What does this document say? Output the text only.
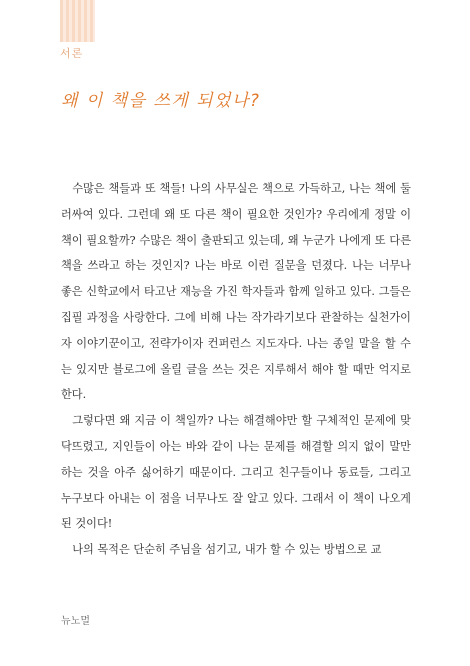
서론
왜 이 책을 쓰게 되었나?

수많은 책들과 또 책들! 나의 사무실은 책으로 가득하고, 나는 책에 둘러싸여 있다. 그런데 왜 또 다른 책이 필요한 것인가? 우리에게 정말 이 책이 필요할까? 수많은 책이 출판되고 있는데, 왜 누군가 나에게 또 다른 책을 쓰라고 하는 것인지? 나는 바로 이런 질문을 던졌다. 나는 너무나 좋은 신학교에서 타고난 재능을 가진 학자들과 함께 일하고 있다. 그들은 집필 과정을 사랑한다. 그에 비해 나는 작가라기보다 관찰하는 실천가이자 이야기꾼이고, 전략가이자 컨퍼런스 지도자다. 나는 종일 말을 할 수는 있지만 블로그에 올릴 글을 쓰는 것은 지루해서 해야 할 때만 억지로 한다.

그렇다면 왜 지금 이 책일까? 나는 해결해야만 할 구체적인 문제에 맞닥뜨렸고, 지인들이 아는 바와 같이 나는 문제를 해결할 의지 없이 말만 하는 것을 아주 싫어하기 때문이다. 그리고 친구들이나 동료들, 그리고 누구보다 아내는 이 점을 너무나도 잘 알고 있다. 그래서 이 책이 나오게 된 것이다!

나의 목적은 단순히 주님을 섬기고, 내가 할 수 있는 방법으로 교

뉴노멀
